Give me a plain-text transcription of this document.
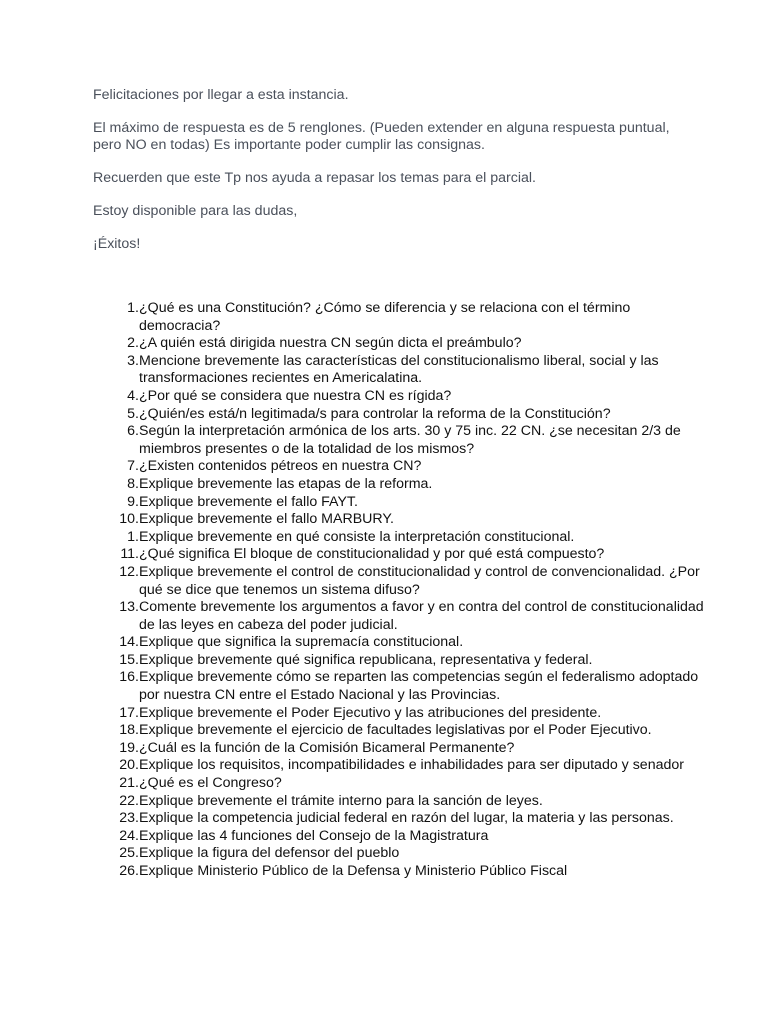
Felicitaciones por llegar a esta instancia.

El máximo de respuesta es de 5 renglones. (Pueden extender en alguna respuesta puntual, pero NO en todas) Es importante poder cumplir las consignas.

Recuerden que este Tp nos ayuda a repasar los temas para el parcial.

Estoy disponible para las dudas,

¡Éxitos!

1. ¿Qué es una Constitución? ¿Cómo se diferencia y se relaciona con el término democracia?
2. ¿A quién está dirigida nuestra CN según dicta el preámbulo?
3. Mencione brevemente las características del constitucionalismo liberal, social y las transformaciones recientes en Americalatina.
4. ¿Por qué se considera que nuestra CN es rígida?
5. ¿Quién/es está/n legitimada/s para controlar la reforma de la Constitución?
6. Según la interpretación armónica de los arts. 30 y 75 inc. 22 CN. ¿se necesitan 2/3 de miembros presentes o de la totalidad de los mismos?
7. ¿Existen contenidos pétreos en nuestra CN?
8. Explique brevemente las etapas de la reforma.
9. Explique brevemente el fallo FAYT.
10. Explique brevemente el fallo MARBURY.
1. Explique brevemente en qué consiste la interpretación constitucional.
11. ¿Qué significa El bloque de constitucionalidad y por qué está compuesto?
12. Explique brevemente el control de constitucionalidad y control de convencionalidad. ¿Por qué se dice que tenemos un sistema difuso?
13. Comente brevemente los argumentos a favor y en contra del control de constitucionalidad de las leyes en cabeza del poder judicial.
14. Explique que significa la supremacía constitucional.
15. Explique brevemente qué significa republicana, representativa y federal.
16. Explique brevemente cómo se reparten las competencias según el federalismo adoptado por nuestra CN entre el Estado Nacional y las Provincias.
17. Explique brevemente el Poder Ejecutivo y las atribuciones del presidente.
18. Explique brevemente el ejercicio de facultades legislativas por el Poder Ejecutivo.
19. ¿Cuál es la función de la Comisión Bicameral Permanente?
20. Explique los requisitos, incompatibilidades e inhabilidades para ser diputado y senador
21. ¿Qué es el Congreso?
22. Explique brevemente el trámite interno para la sanción de leyes.
23. Explique la competencia judicial federal en razón del lugar, la materia y las personas.
24. Explique las 4 funciones del Consejo de la Magistratura
25. Explique la figura del defensor del pueblo
26. Explique Ministerio Público de la Defensa y Ministerio Público Fiscal
